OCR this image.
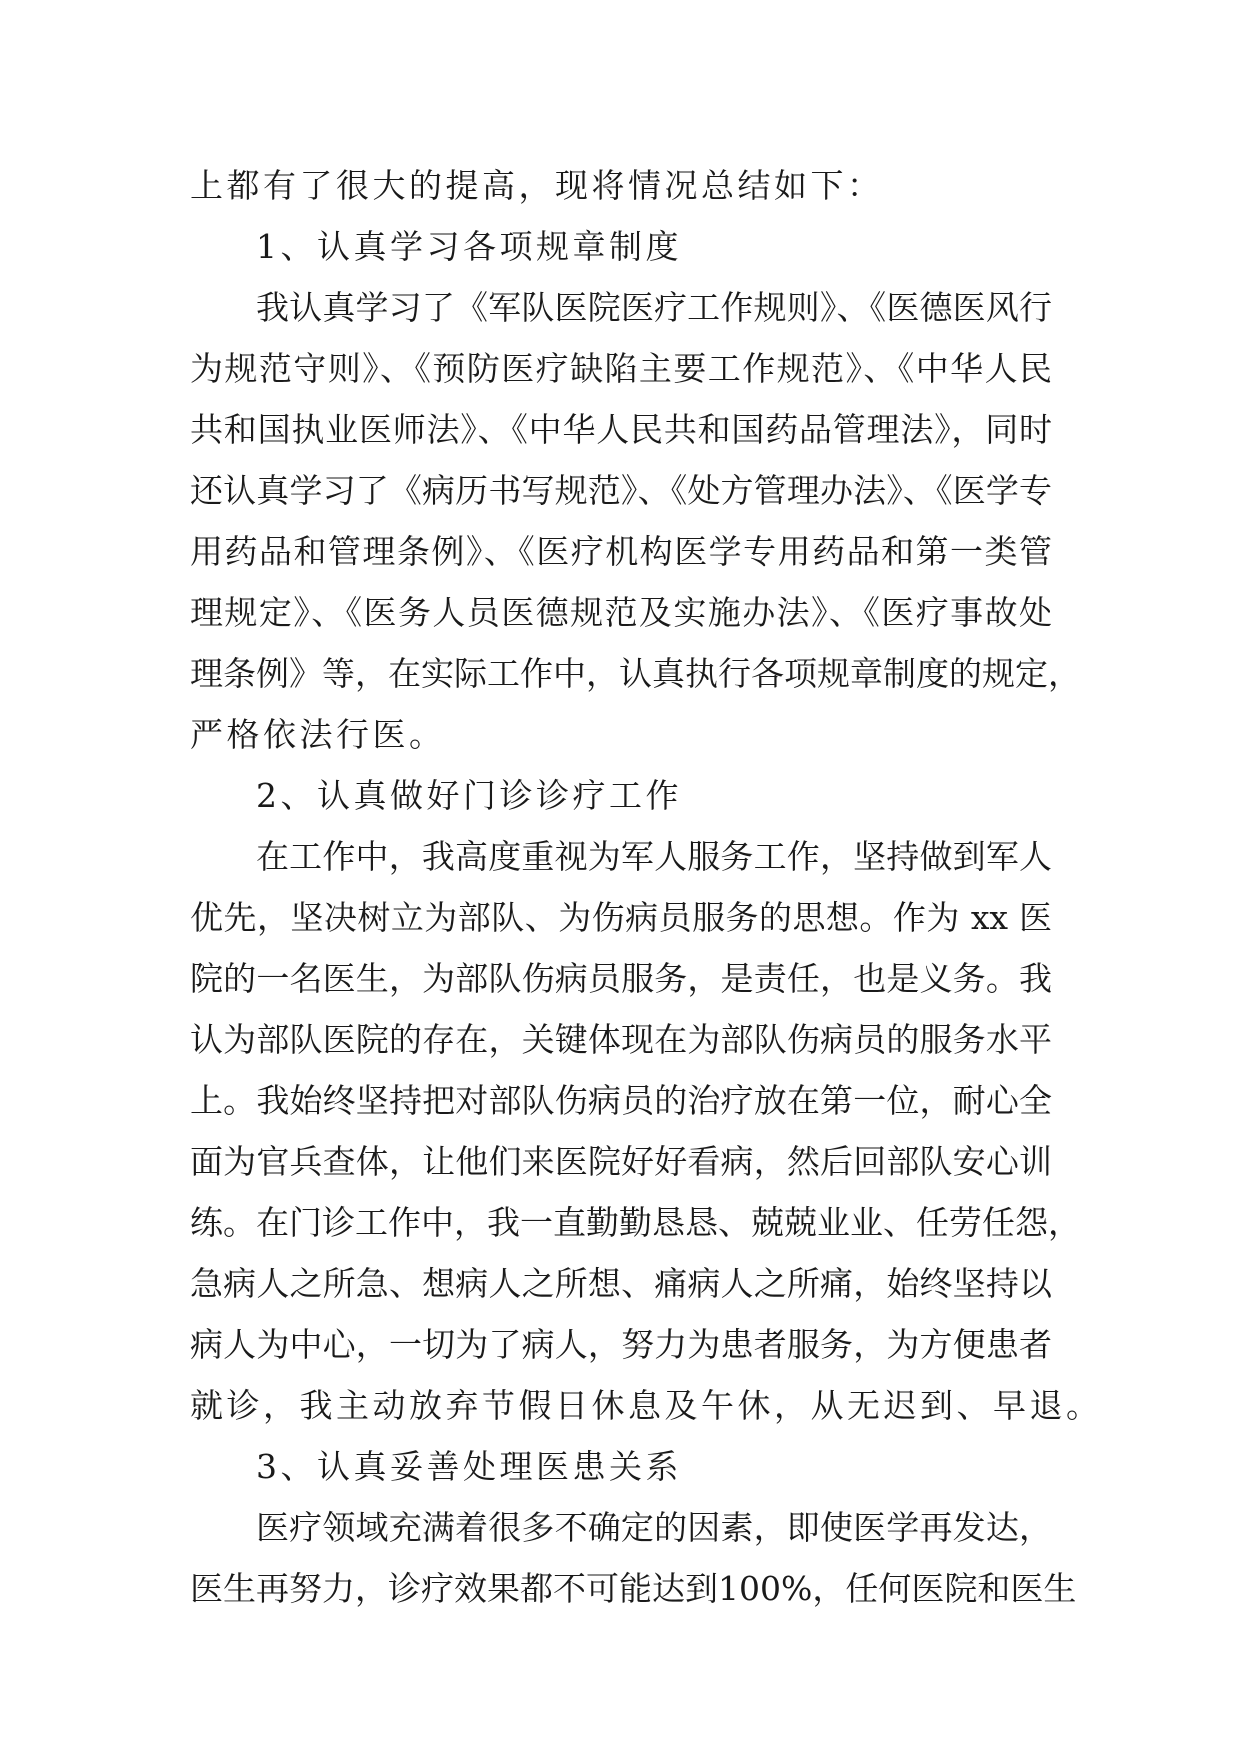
上都有了很大的提高，现将情况总结如下：

1、认真学习各项规章制度

我认真学习了《军队医院医疗工作规则》、《医德医风行

为规范守则》、《预防医疗缺陷主要工作规范》、《中华人民

共和国执业医师法》、《中华人民共和国药品管理法》，同时

还认真学习了《病历书写规范》、《处方管理办法》、《医学专

用药品和管理条例》、《医疗机构医学专用药品和第一类管

理规定》、《医务人员医德规范及实施办法》、《医疗事故处

理条例》等，在实际工作中，认真执行各项规章制度的规定，

严格依法行医。

2、认真做好门诊诊疗工作

在工作中，我高度重视为军人服务工作，坚持做到军人

优先，坚决树立为部队、为伤病员服务的思想。作为 xx 医

院的一名医生，为部队伤病员服务，是责任，也是义务。我

认为部队医院的存在，关键体现在为部队伤病员的服务水平

上。我始终坚持把对部队伤病员的治疗放在第一位，耐心全

面为官兵查体，让他们来医院好好看病，然后回部队安心训

练。在门诊工作中，我一直勤勤恳恳、兢兢业业、任劳任怨，

急病人之所急、想病人之所想、痛病人之所痛，始终坚持以

病人为中心，一切为了病人，努力为患者服务，为方便患者

就诊，我主动放弃节假日休息及午休，从无迟到、早退。

3、认真妥善处理医患关系

医疗领域充满着很多不确定的因素，即使医学再发达，

医生再努力，诊疗效果都不可能达到100%，任何医院和医生
